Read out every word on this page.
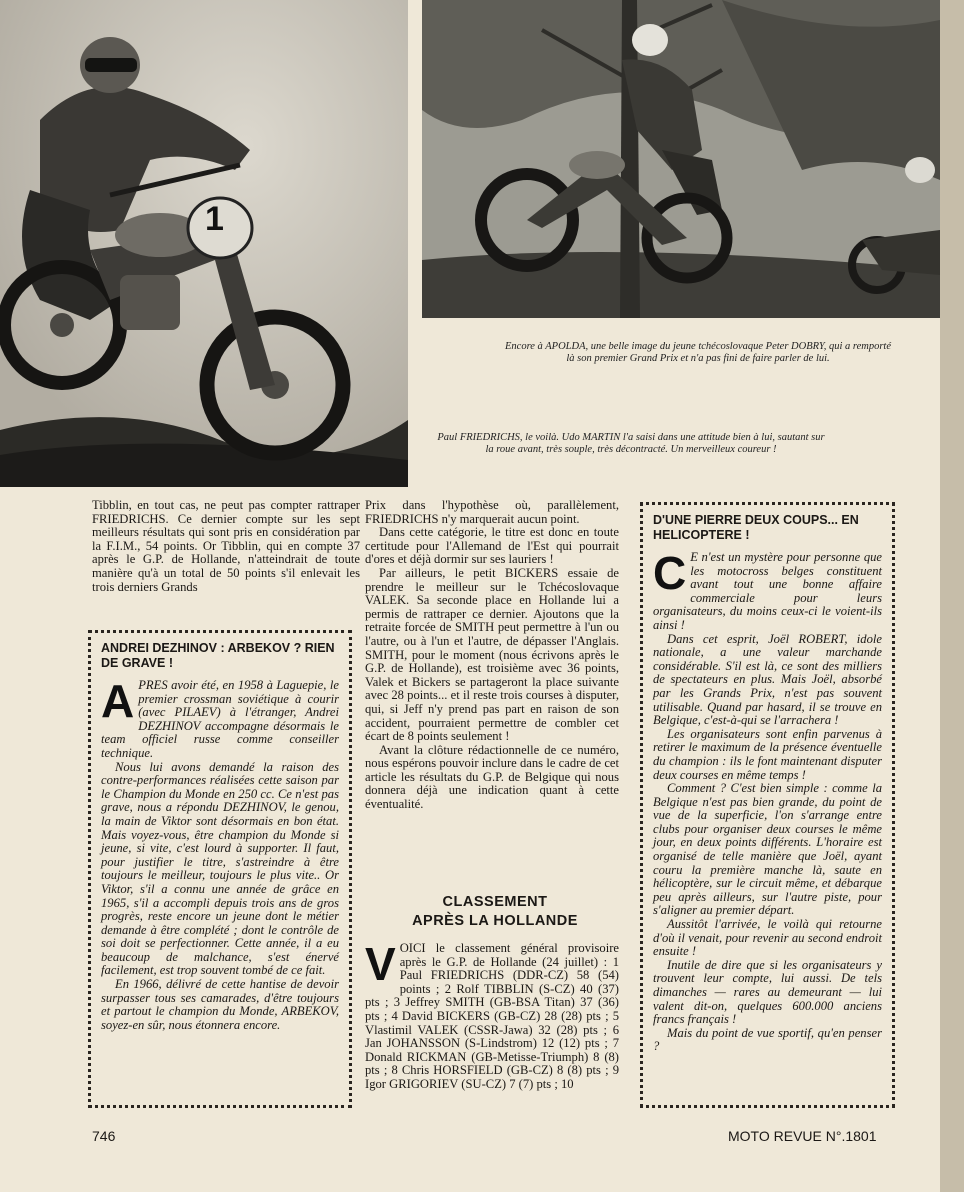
1
Encore à APOLDA, une belle image du jeune tchécoslovaque Peter DOBRY, qui a remporté là son premier Grand Prix et n'a pas fini de faire parler de lui.
Paul FRIEDRICHS, le voilà. Udo MARTIN l'a saisi dans une attitude bien à lui, sautant sur la roue avant, très souple, très décontracté. Un merveilleux coureur !

Tibblin, en tout cas, ne peut pas compter rattraper FRIEDRICHS. Ce dernier compte sur les sept meilleurs résultats qui sont pris en considération par la F.I.M., 54 points. Or Tibblin, qui en compte 37 après le G.P. de Hollande, n'atteindrait de toute manière qu'à un total de 50 points s'il enlevait les trois derniers Grands

Prix dans l'hypothèse où, parallèlement, FRIEDRICHS n'y marquerait aucun point.

Dans cette catégorie, le titre est donc en toute certitude pour l'Allemand de l'Est qui pourrait d'ores et déjà dormir sur ses lauriers !

Par ailleurs, le petit BICKERS essaie de prendre le meilleur sur le Tchécoslovaque VALEK. Sa seconde place en Hollande lui a permis de rattraper ce dernier. Ajoutons que la retraite forcée de SMITH peut permettre à l'un ou l'autre, ou à l'un et l'autre, de dépasser l'Anglais. SMITH, pour le moment (nous écrivons après le G.P. de Hollande), est troisième avec 36 points, Valek et Bickers se partageront la place suivante avec 28 points... et il reste trois courses à disputer, qui, si Jeff n'y prend pas part en raison de son accident, pourraient permettre de combler cet écart de 8 points seulement !

Avant la clôture rédactionnelle de ce numéro, nous espérons pouvoir inclure dans le cadre de cet article les résultats du G.P. de Belgique qui nous donnera déjà une indication quant à cette éventualité.

ANDREI DEZHINOV : ARBEKOV ? RIEN DE GRAVE !

APRES avoir été, en 1958 à Laguepie, le premier crossman soviétique à courir (avec PILAEV) à l'étranger, Andrei DEZHINOV accompagne désormais le team officiel russe comme conseiller technique.

Nous lui avons demandé la raison des contre-performances réalisées cette saison par le Champion du Monde en 250 cc. Ce n'est pas grave, nous a répondu DEZHINOV, le genou, la main de Viktor sont désormais en bon état. Mais voyez-vous, être champion du Monde si jeune, si vite, c'est lourd à supporter. Il faut, pour justifier le titre, s'astreindre à être toujours le meilleur, toujours le plus vite.. Or Viktor, s'il a connu une année de grâce en 1965, s'il a accompli depuis trois ans de gros progrès, reste encore un jeune dont le métier demande à être complété ; dont le contrôle de soi doit se perfectionner. Cette année, il a eu beaucoup de malchance, s'est énervé facilement, est trop souvent tombé de ce fait.

En 1966, délivré de cette hantise de devoir surpasser tous ses camarades, d'être toujours et partout le champion du Monde, ARBEKOV, soyez-en sûr, nous étonnera encore.

D'UNE PIERRE DEUX COUPS... EN HELICOPTERE !

C E n'est un mystère pour personne que les motocross belges constituent avant tout une bonne affaire commerciale pour leurs organisateurs, du moins ceux-ci le voient-ils ainsi !

Dans cet esprit, Joël ROBERT, idole nationale, a une valeur marchande considérable. S'il est là, ce sont des milliers de spectateurs en plus. Mais Joël, absorbé par les Grands Prix, n'est pas souvent utilisable. Quand par hasard, il se trouve en Belgique, c'est-à-qui se l'arrachera !

Les organisateurs sont enfin parvenus à retirer le maximum de la présence éventuelle du champion : ils le font maintenant disputer deux courses en même temps !

Comment ? C'est bien simple : comme la Belgique n'est pas bien grande, du point de vue de la superficie, l'on s'arrange entre clubs pour organiser deux courses le même jour, en deux points différents. L'horaire est organisé de telle manière que Joël, ayant couru la première manche là, saute en hélicoptère, sur le circuit même, et débarque peu après ailleurs, sur l'autre piste, pour s'aligner au premier départ.

Aussitôt l'arrivée, le voilà qui retourne d'où il venait, pour revenir au second endroit ensuite !

Inutile de dire que si les organisateurs y trouvent leur compte, lui aussi. De tels dimanches — rares au demeurant — lui valent dit-on, quelques 600.000 anciens francs français !

Mais du point de vue sportif, qu'en penser ?

CLASSEMENT
APRÈS LA HOLLANDE

VOICI le classement général provisoire après le G.P. de Hollande (24 juillet) : 1 Paul FRIEDRICHS (DDR-CZ) 58 (54) points ; 2 Rolf TIBBLIN (S-CZ) 40 (37) pts ; 3 Jeffrey SMITH (GB-BSA Titan) 37 (36) pts ; 4 David BICKERS (GB-CZ) 28 (28) pts ; 5 Vlastimil VALEK (CSSR-Jawa) 32 (28) pts ; 6 Jan JOHANSSON (S-Lindstrom) 12 (12) pts ; 7 Donald RICKMAN (GB-Metisse-Triumph) 8 (8) pts ; 8 Chris HORSFIELD (GB-CZ) 8 (8) pts ; 9 Igor GRIGORIEV (SU-CZ) 7 (7) pts ; 10

746	MOTO REVUE N°.1801
